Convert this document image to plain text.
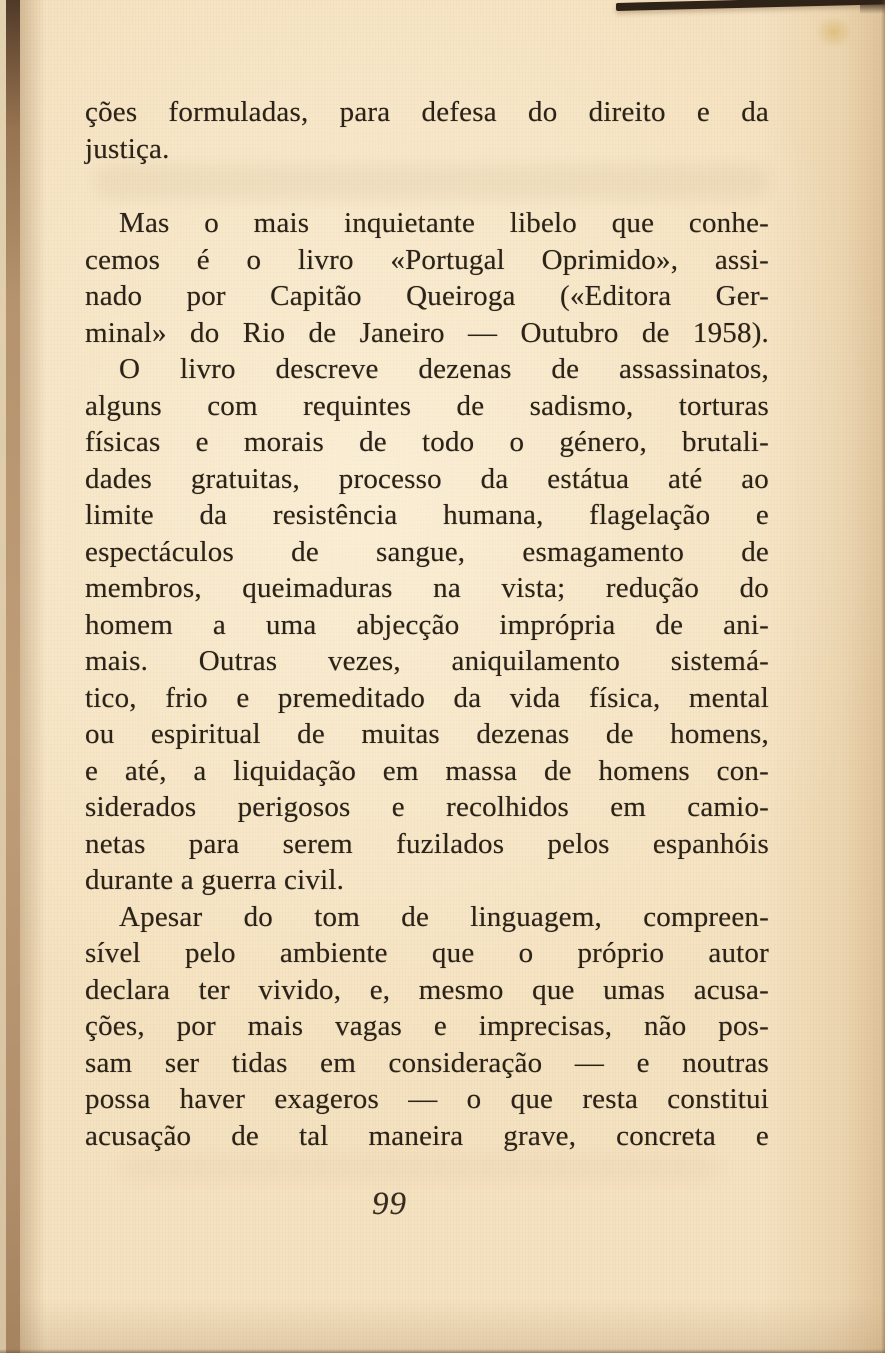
ções formuladas, para defesa do direito e da
justiça.
Mas o mais inquietante libelo que conhe-
cemos é o livro «Portugal Oprimido», assi-
nado por Capitão Queiroga («Editora Ger-
minal» do Rio de Janeiro — Outubro de 1958).
O livro descreve dezenas de assassinatos,
alguns com requintes de sadismo, torturas
físicas e morais de todo o género, brutali-
dades gratuitas, processo da estátua até ao
limite da resistência humana, flagelação e
espectáculos de sangue, esmagamento de
membros, queimaduras na vista; redução do
homem a uma abjecção imprópria de ani-
mais. Outras vezes, aniquilamento sistemá-
tico, frio e premeditado da vida física, mental
ou espiritual de muitas dezenas de homens,
e até, a liquidação em massa de homens con-
siderados perigosos e recolhidos em camio-
netas para serem fuzilados pelos espanhóis
durante a guerra civil.
Apesar do tom de linguagem, compreen-
sível pelo ambiente que o próprio autor
declara ter vivido, e, mesmo que umas acusa-
ções, por mais vagas e imprecisas, não pos-
sam ser tidas em consideração — e noutras
possa haver exageros — o que resta constitui
acusação de tal maneira grave, concreta e
99
